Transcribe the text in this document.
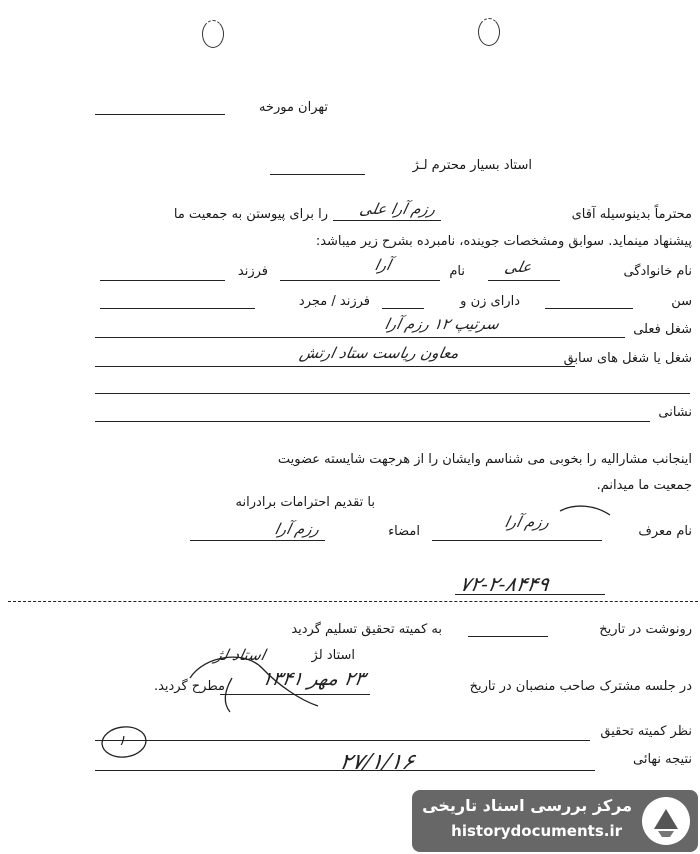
تهران مورخه
استاد بسیار محترم لـژ
محترماً بدینوسیله آقای
رزم آرا علی
را برای پیوستن به جمعیت ما
پیشنهاد مینماید. سوابق ومشخصات جوینده، نامبرده بشرح زیر میباشد:
نام خانوادگی
علی
نام
آرا
فرزند
سن
دارای زن و
فرزند / مجرد
شغل فعلی
سرتیپ ۱۲ رزم آرا
شغل یا شغل های سابق
معاون ریاست ستاد ارتش
نشانی
اینجانب مشارالیه را بخوبی می شناسم وایشان را از هرجهت شایسته عضویت
جمعیت ما میدانم.
با تقدیم احترامات برادرانه
نام معرف
رزم آرا
امضاء
رزم آرا
۷۲-۲-۸۴۴۹
رونوشت در تاریخ
به کمیته تحقیق تسلیم گردید
استاد لژ
استاد لژ
در جلسه مشترک صاحب منصبان در تاریخ
۲۳ مهر ۱۳۴۱
مطرح گردید.
نظر کمیته تحقیق
نتیجه نهائی
۲۷/۱/۱۶
۱
مرکز بررسی اسناد تاریخی
historydocuments.ir
